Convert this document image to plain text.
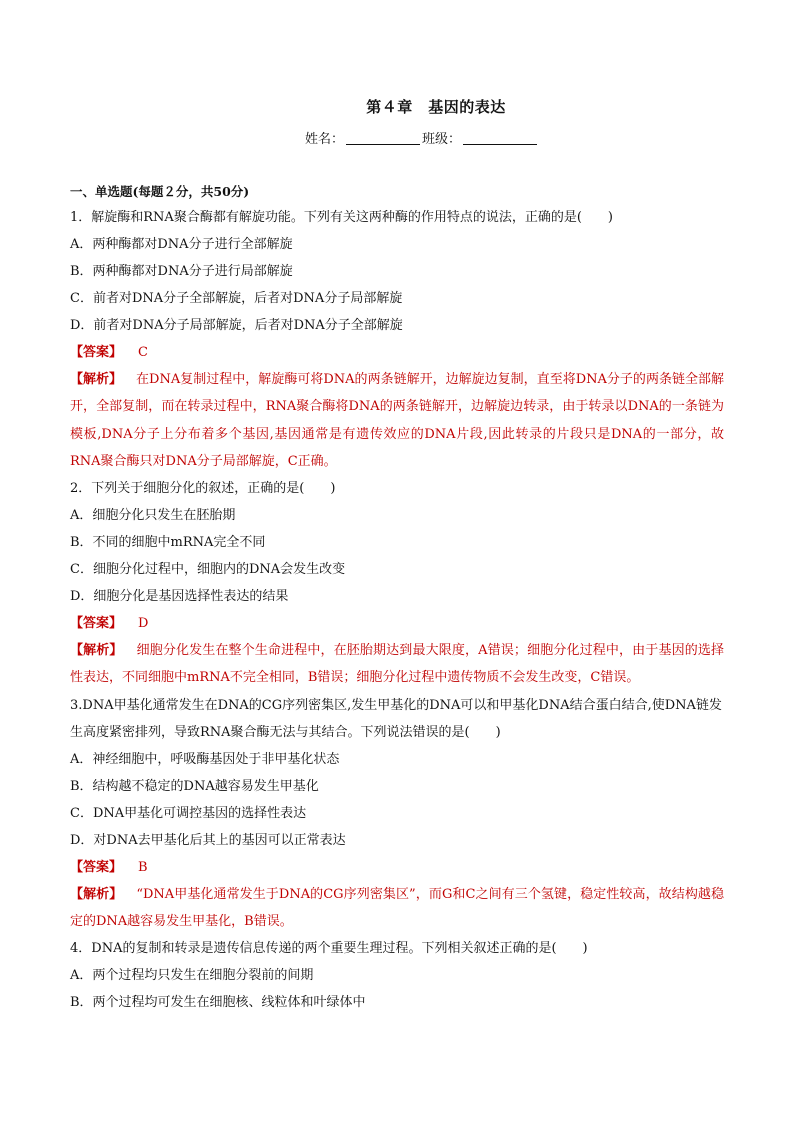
第４章　基因的表达
姓名：	班级：
一、单选题(每题２分，共50分)
1．解旋酶和RNA聚合酶都有解旋功能。下列有关这两种酶的作用特点的说法，正确的是(　　)
A．两种酶都对DNA分子进行全部解旋
B．两种酶都对DNA分子进行局部解旋
C．前者对DNA分子全部解旋，后者对DNA分子局部解旋
D．前者对DNA分子局部解旋，后者对DNA分子全部解旋
【答案】 C
【解析】 在DNA复制过程中，解旋酶可将DNA的两条链解开，边解旋边复制，直至将DNA分子的两条链全部解开，全部复制，而在转录过程中，RNA聚合酶将DNA的两条链解开，边解旋边转录，由于转录以DNA的一条链为模板,DNA分子上分布着多个基因,基因通常是有遗传效应的DNA片段,因此转录的片段只是DNA的一部分，故RNA聚合酶只对DNA分子局部解旋，C正确。
2．下列关于细胞分化的叙述，正确的是(　　)
A．细胞分化只发生在胚胎期
B．不同的细胞中mRNA完全不同
C．细胞分化过程中，细胞内的DNA会发生改变
D．细胞分化是基因选择性表达的结果
【答案】 D
【解析】 细胞分化发生在整个生命进程中，在胚胎期达到最大限度，A错误；细胞分化过程中，由于基因的选择性表达，不同细胞中mRNA不完全相同，B错误；细胞分化过程中遗传物质不会发生改变，C错误。
3.DNA甲基化通常发生在DNA的CG序列密集区,发生甲基化的DNA可以和甲基化DNA结合蛋白结合,使DNA链发生高度紧密排列，导致RNA聚合酶无法与其结合。下列说法错误的是(　　)
A．神经细胞中，呼吸酶基因处于非甲基化状态
B．结构越不稳定的DNA越容易发生甲基化
C．DNA甲基化可调控基因的选择性表达
D．对DNA去甲基化后其上的基因可以正常表达
【答案】 B
【解析】 “DNA甲基化通常发生于DNA的CG序列密集区”，而G和C之间有三个氢键，稳定性较高，故结构越稳定的DNA越容易发生甲基化，B错误。
4．DNA的复制和转录是遗传信息传递的两个重要生理过程。下列相关叙述正确的是(　　)
A．两个过程均只发生在细胞分裂前的间期
B．两个过程均可发生在细胞核、线粒体和叶绿体中
